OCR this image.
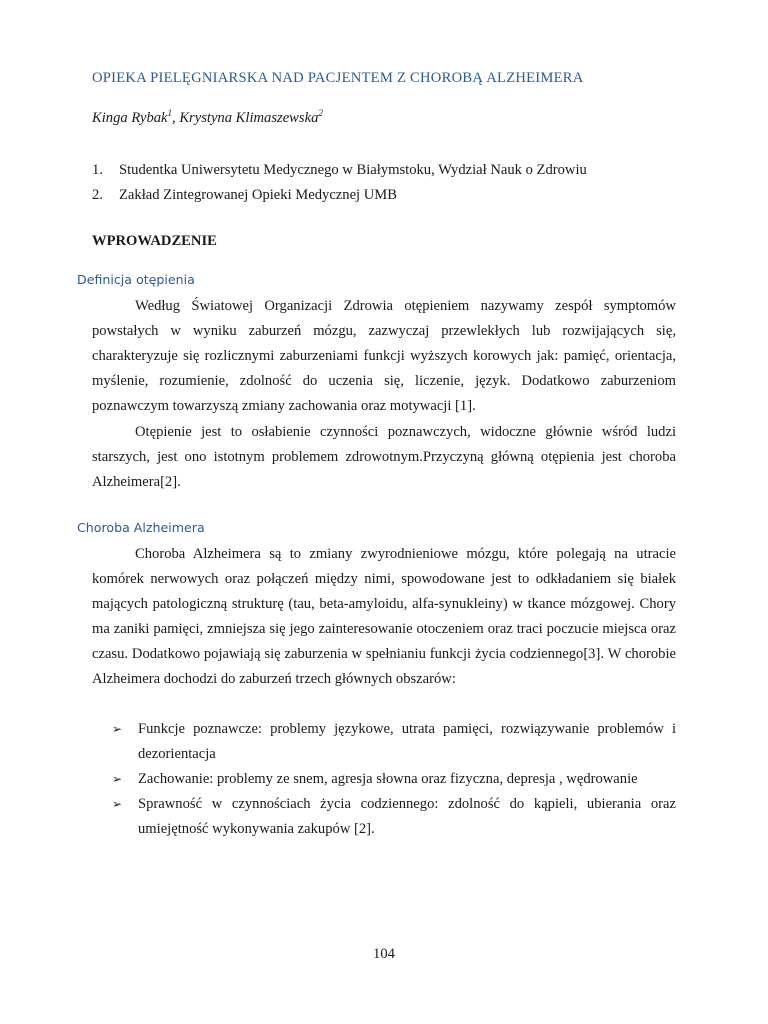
OPIEKA PIELĘGNIARSKA NAD PACJENTEM Z CHOROBĄ ALZHEIMERA
Kinga Rybak$^1$, Krystyna Klimaszewska$^2$
1. Studentka Uniwersytetu Medycznego w Białymstoku, Wydział Nauk o Zdrowiu
2. Zakład Zintegrowanej Opieki Medycznej UMB
WPROWADZENIE
Definicja otępienia

Według Światowej Organizacji Zdrowia otępieniem nazywamy zespół symptomów powstałych w wyniku zaburzeń mózgu, zazwyczaj przewlekłych lub rozwijających się, charakteryzuje się rozlicznymi zaburzeniami funkcji wyższych korowych jak: pamięć, orientacja, myślenie, rozumienie, zdolność do uczenia się, liczenie, język. Dodatkowo zaburzeniom poznawczym towarzyszą zmiany zachowania oraz motywacji [1].

Otępienie jest to osłabienie czynności poznawczych, widoczne głównie wśród ludzi starszych, jest ono istotnym problemem zdrowotnym.Przyczyną główną otępienia jest choroba Alzheimera[2].

Choroba Alzheimera

Choroba Alzheimera są to zmiany zwyrodnieniowe mózgu, które polegają na utracie komórek nerwowych oraz połączeń między nimi, spowodowane jest to odkładaniem się białek mających patologiczną strukturę (tau, beta-amyloidu, alfa-synukleiny) w tkance mózgowej. Chory ma zaniki pamięci, zmniejsza się jego zainteresowanie otoczeniem oraz traci poczucie miejsca oraz czasu. Dodatkowo pojawiają się zaburzenia w spełnianiu funkcji życia codziennego[3]. W chorobie Alzheimera dochodzi do zaburzeń trzech głównych obszarów:

➢ Funkcje poznawcze: problemy językowe, utrata pamięci, rozwiązywanie problemów i dezorientacja
➢ Zachowanie: problemy ze snem, agresja słowna oraz fizyczna, depresja , wędrowanie
➢ Sprawność w czynnościach życia codziennego: zdolność do kąpieli, ubierania oraz umiejętność wykonywania zakupów [2].
104
